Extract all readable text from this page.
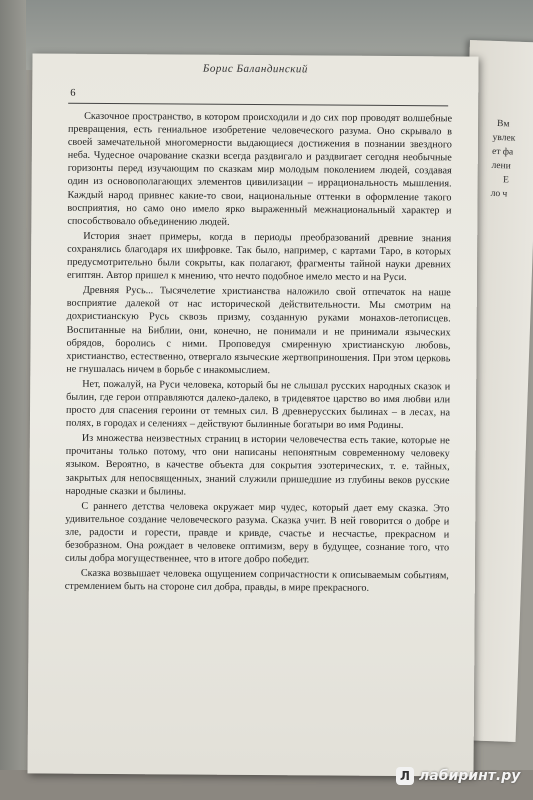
Вм
увлек
ет фа
лени
Е
ло ч
Борис Баландинский
6

Сказочное пространство, в котором происходили и до сих пор проводят волшебные превращения, есть гениальное изобретение человеческого разума. Оно скрывало в своей замечательной многомерности выдающиеся достижения в познании звездного неба. Чудесное очарование сказки всегда раздвигало и раздвигает сегодня необычные горизонты перед изучающим по сказкам мир молодым поколением людей, создавая один из основополагающих элементов цивилизации – иррациональность мышления. Каждый народ привнес какие-то свои, национальные оттенки в оформление такого восприятия, но само оно имело ярко выраженный межнациональный характер и способствовало объединению людей.

История знает примеры, когда в периоды преобразований древние знания сохранялись благодаря их шифровке. Так было, например, с картами Таро, в которых предусмотрительно были сокрыты, как полагают, фрагменты тайной науки древних египтян. Автор пришел к мнению, что нечто подобное имело место и на Руси.

Древняя Русь... Тысячелетие христианства наложило свой отпечаток на наше восприятие далекой от нас исторической действительности. Мы смотрим на дохристианскую Русь сквозь призму, созданную руками монахов-летописцев. Воспитанные на Библии, они, конечно, не понимали и не принимали языческих обрядов, боролись с ними. Проповедуя смиренную христианскую любовь, христианство, естественно, отвергало языческие жертвоприношения. При этом церковь не гнушалась ничем в борьбе с инакомыслием.

Нет, пожалуй, на Руси человека, который бы не слышал русских народных сказок и былин, где герои отправляются далеко-далеко, в тридевятое царство во имя любви или просто для спасения героини от темных сил. В древнерусских былинах – в лесах, на полях, в городах и селениях – действуют былинные богатыри во имя Родины.

Из множества неизвестных страниц в истории человечества есть такие, которые не прочитаны только потому, что они написаны непонятным современному человеку языком. Вероятно, в качестве объекта для сокрытия эзотерических, т. е. тайных, закрытых для непосвященных, знаний служили пришедшие из глубины веков русские народные сказки и былины.

С раннего детства человека окружает мир чудес, который дает ему сказка. Это удивительное создание человеческого разума. Сказка учит. В ней говорится о добре и зле, радости и горести, правде и кривде, счастье и несчастье, прекрасном и безобразном. Она рождает в человеке оптимизм, веру в будущее, сознание того, что силы добра могущественнее, что в итоге добро победит.

Сказка возвышает человека ощущением сопричастности к описываемым событиям, стремлением быть на стороне сил добра, правды, в мире прекрасного.

Л лабиринт.ру
